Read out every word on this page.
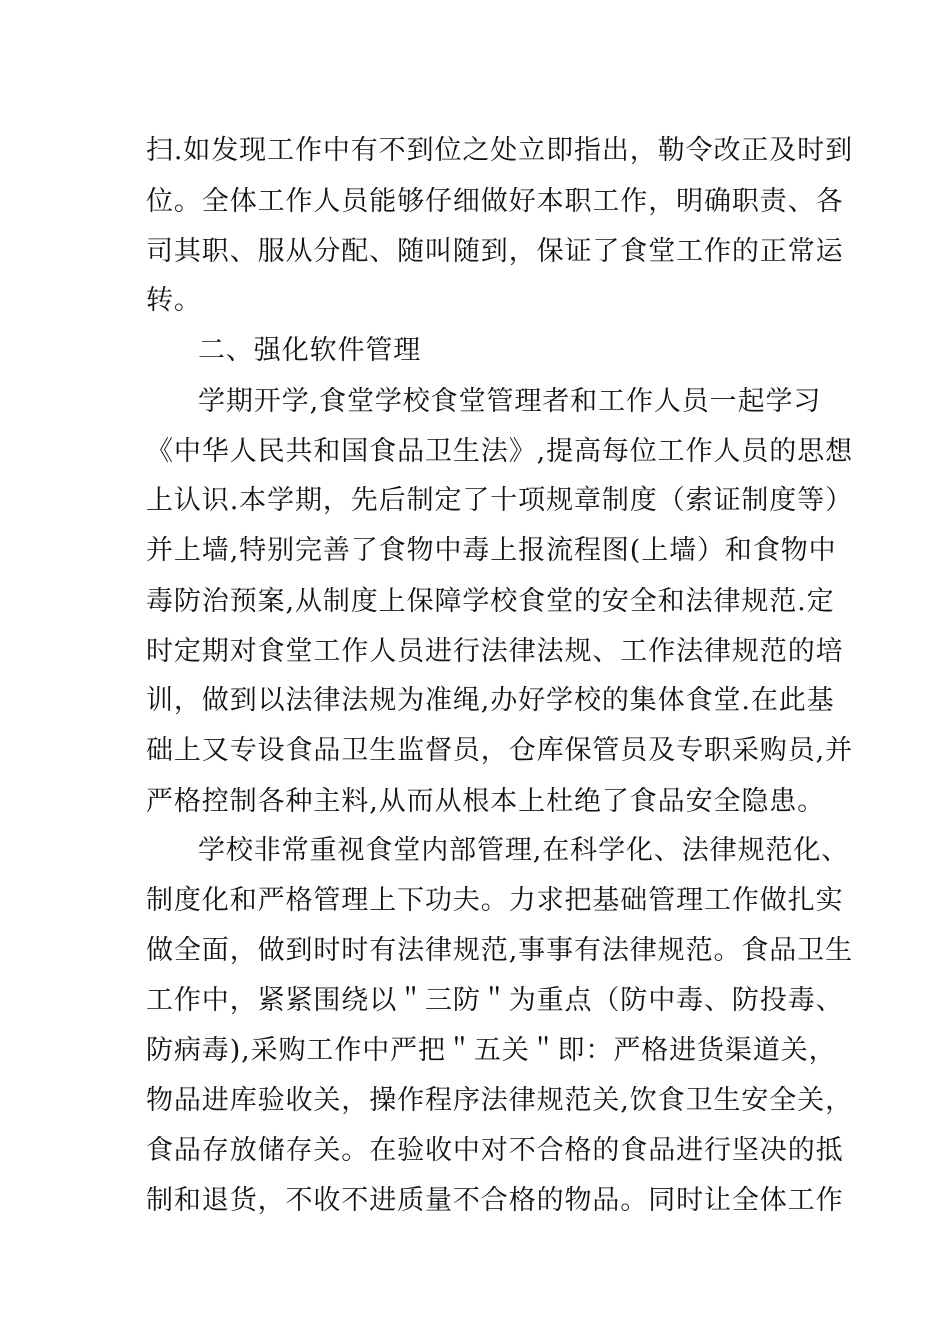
扫.如发现工作中有不到位之处立即指出，勒令改正及时到
位。全体工作人员能够仔细做好本职工作，明确职责、各
司其职、服从分配、随叫随到，保证了食堂工作的正常运
转。
二、强化软件管理
学期开学,食堂学校食堂管理者和工作人员一起学习
《中华人民共和国食品卫生法》,提高每位工作人员的思想
上认识.本学期，先后制定了十项规章制度（索证制度等）
并上墙,特别完善了食物中毒上报流程图(上墙）和食物中
毒防治预案,从制度上保障学校食堂的安全和法律规范.定
时定期对食堂工作人员进行法律法规、工作法律规范的培
训，做到以法律法规为准绳,办好学校的集体食堂.在此基
础上又专设食品卫生监督员，仓库保管员及专职采购员,并
严格控制各种主料,从而从根本上杜绝了食品安全隐患。
学校非常重视食堂内部管理,在科学化、法律规范化、
制度化和严格管理上下功夫。力求把基础管理工作做扎实
做全面，做到时时有法律规范,事事有法律规范。食品卫生
工作中，紧紧围绕以＂三防＂为重点（防中毒、防投毒、
防病毒),采购工作中严把＂五关＂即：严格进货渠道关，
物品进库验收关，操作程序法律规范关,饮食卫生安全关，
食品存放储存关。在验收中对不合格的食品进行坚决的抵
制和退货，不收不进质量不合格的物品。同时让全体工作
